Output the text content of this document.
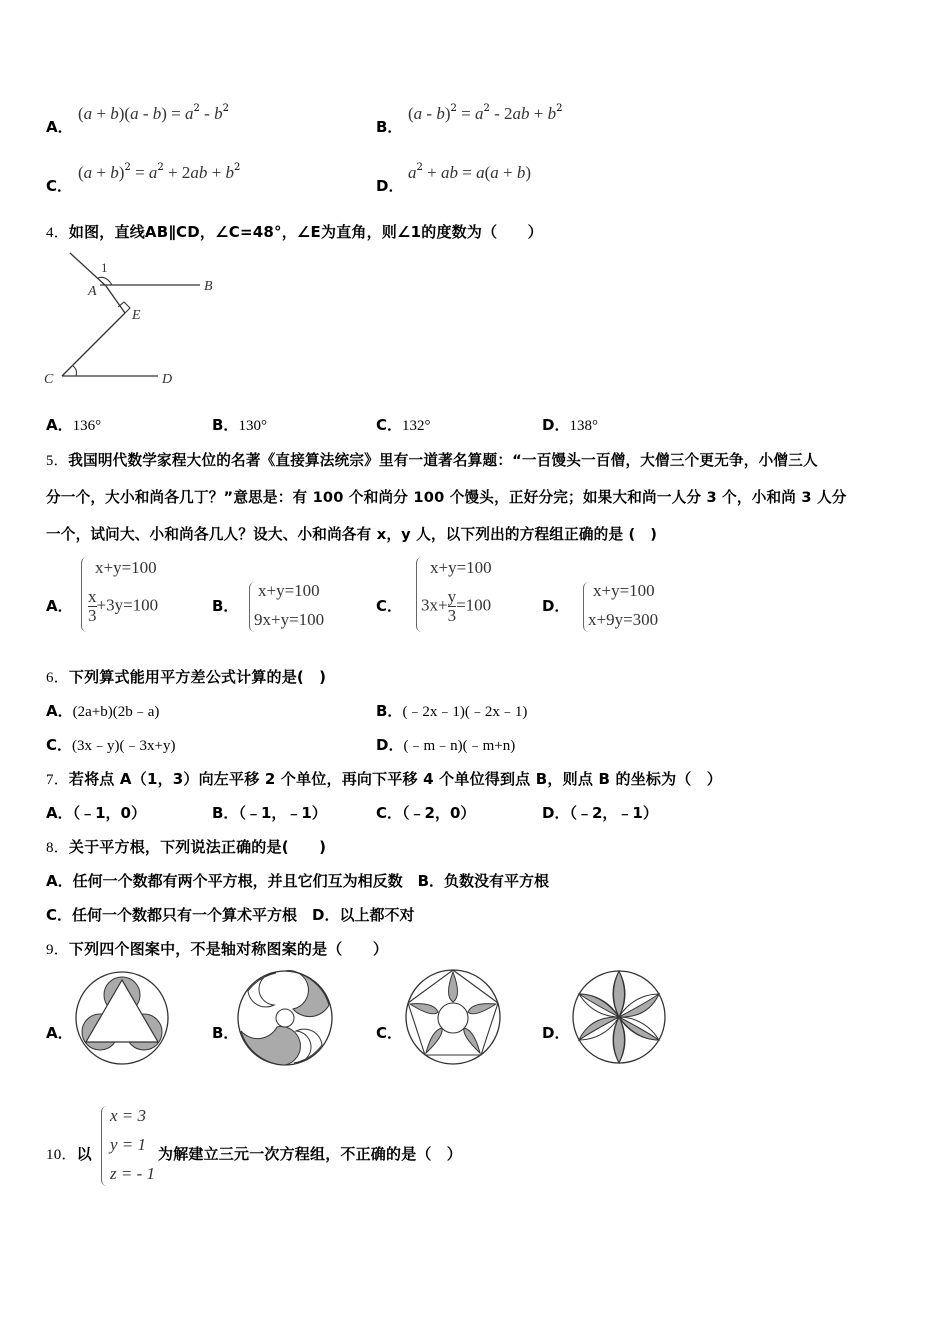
A．
$(a + b)(a - b) = a^2 - b^2$
B．
$(a - b)^2 = a^2 - 2ab + b^2$
C．
$(a + b)^2 = a^2 + 2ab + b^2$
D．
$a^2$ + ab = a(a + b)
4．如图，直线AB∥CD，∠C=48°，∠E为直角，则∠1的度数为（　　）
1
A	B
E
C	D
A．136°	B．130°	C．132°	D．138°
5．我国明代数学家程大位的名著《直接算法统宗》里有一道著名算题：“一百馒头一百僧，大僧三个更无争，小僧三人
分一个，大小和尚各几丁？”意思是：有 100 个和尚分 100 个馒头，正好分完；如果大和尚一人分 3 个，小和尚 3 人分
一个，试问大、小和尚各几人？设大、小和尚各有 x，y 人，以下列出的方程组正确的是 (　)
A．
x+y=100
$\frac{x}{3} +3y=100$	B．
x+y=100
9x+y=100
C．
x+y=100
$3x+\frac{y}{3} =100$	D．
x+y=100
x+9y=300
6．下列算式能用平方差公式计算的是(　)
A．(2a+b)(2b﹣a)	B．(﹣2x﹣1)(﹣2x﹣1)
C．(3x﹣y)(﹣3x+y)	D．(﹣m﹣n)(﹣m+n)
7．若将点 A（1，3）向左平移 2 个单位，再向下平移 4 个单位得到点 B，则点 B 的坐标为（　）
A．（﹣1，0）	B．（﹣1，﹣1）	C．（﹣2，0）	D．（﹣2，﹣1）
8．关于平方根，下列说法正确的是(　　)
A．任何一个数都有两个平方根，并且它们互为相反数　B．负数没有平方根
C．任何一个数都只有一个算术平方根　D．以上都不对
9．下列四个图案中，不是轴对称图案的是（　　）
A．	B．	C．	D．
10．以
x = 3
y = 1
z = - 1
为解建立三元一次方程组，不正确的是（　）
